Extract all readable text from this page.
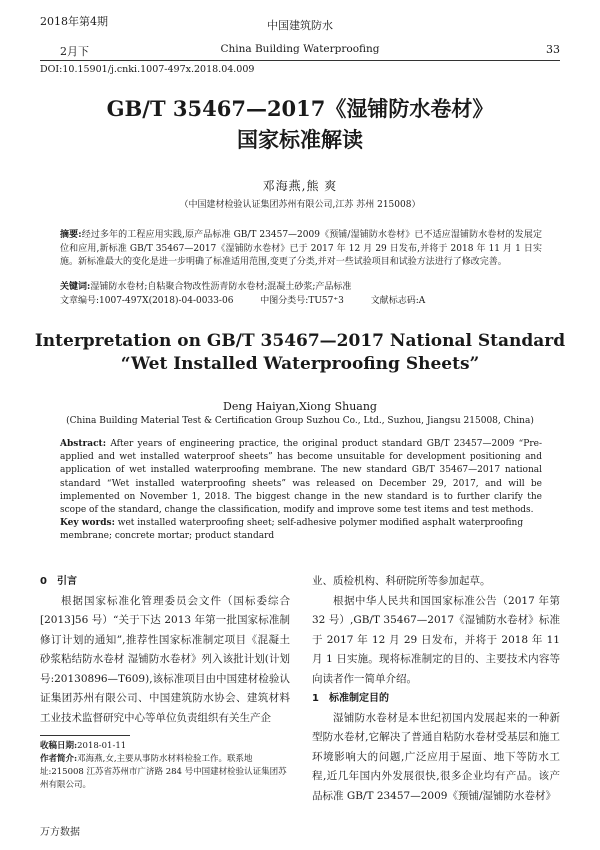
2018年第4期
2月下
中国建筑防水
China Building Waterproofing	33
DOI:10.15901/j.cnki.1007-497x.2018.04.009
GB/T 35467—2017《湿铺防水卷材》
国家标准解读
邓海燕,熊 爽
（中国建材检验认证集团苏州有限公司,江苏 苏州 215008）
摘要:经过多年的工程应用实践,原产品标准 GB/T 23457—2009《预铺/湿铺防水卷材》已不适应湿铺防水卷材的发展定位和应用,新标准 GB/T 35467—2017《湿铺防水卷材》已于 2017 年 12 月 29 日发布,并将于 2018 年 11 月 1 日实施。新标准最大的变化是进一步明确了标准适用范围,变更了分类,并对一些试验项目和试验方法进行了修改完善。
关键词:湿铺防水卷材;自粘聚合物改性沥青防水卷材;混凝土砂浆;产品标准
文章编号:1007-497X(2018)-04-0033-06	中图分类号:TU57⁺3	文献标志码:A
Interpretation on GB/T 35467—2017 National Standard
“Wet Installed Waterproofing Sheets”
Deng Haiyan,Xiong Shuang
(China Building Material Test & Certification Group Suzhou Co., Ltd., Suzhou, Jiangsu 215008, China)
Abstract: After years of engineering practice, the original product standard GB/T 23457—2009 “Pre-applied and wet installed waterproof sheets” has become unsuitable for development positioning and application of wet installed waterproofing membrane. The new standard GB/T 35467—2017 national standard “Wet installed waterproofing sheets” was released on December 29, 2017, and will be implemented on November 1, 2018. The biggest change in the new standard is to further clarify the scope of the standard, change the classification, modify and improve some test items and test methods.
Key words: wet installed waterproofing sheet; self-adhesive polymer modified asphalt waterproofing membrane; concrete mortar; product standard

0　引言

根据国家标准化管理委员会文件（国标委综合[2013]56 号）“关于下达 2013 年第一批国家标准制修订计划的通知”,推荐性国家标准制定项目《混凝土砂浆粘结防水卷材 湿铺防水卷材》列入该批计划(计划号:20130896—T609),该标准项目由中国建材检验认证集团苏州有限公司、中国建筑防水协会、建筑材料工业技术监督研究中心等单位负责组织有关生产企

业、质检机构、科研院所等参加起草。

根据中华人民共和国国家标准公告（2017 年第 32 号）,GB/T 35467—2017《湿铺防水卷材》标准于 2017 年 12 月 29 日发布，并将于 2018 年 11 月 1 日实施。现将标准制定的目的、主要技术内容等向读者作一简单介绍。

1　标准制定目的

湿铺防水卷材是本世纪初国内发展起来的一种新型防水卷材,它解决了普通自粘防水卷材受基层和施工环境影响大的问题,广泛应用于屋面、地下等防水工程,近几年国内外发展很快,很多企业均有产品。该产品标准 GB/T 23457—2009《预铺/湿铺防水卷材》

收稿日期:2018-01-11
作者简介:邓海燕,女,主要从事防水材料检验工作。联系地址:215008 江苏省苏州市广济路 284 号中国建材检验认证集团苏州有限公司。
万方数据
